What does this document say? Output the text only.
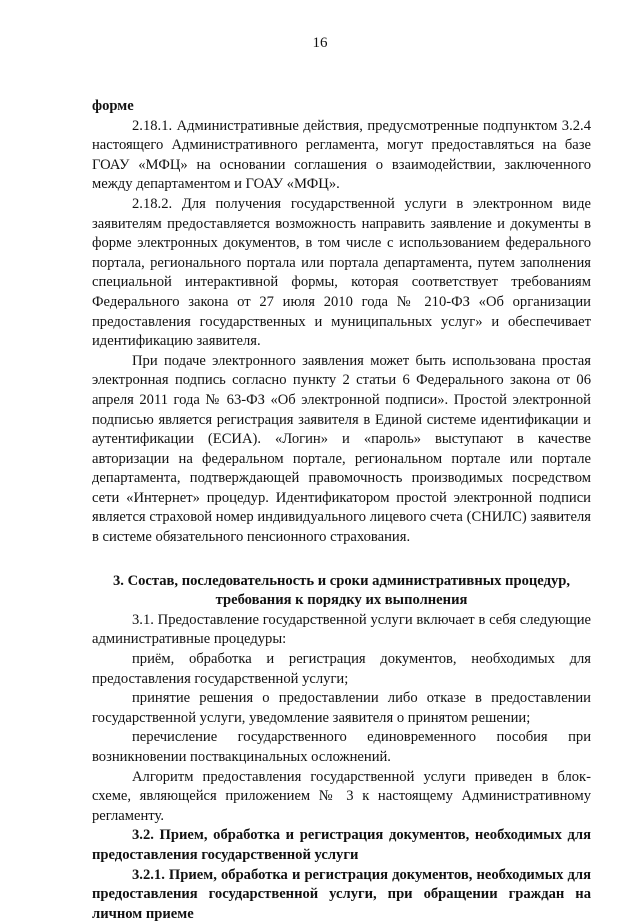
16

форме

2.18.1. Административные действия, предусмотренные подпунктом 3.2.4 настоящего Административного регламента, могут предоставляться на базе ГОАУ «МФЦ» на основании соглашения о взаимодействии, заключенного между департаментом и ГОАУ «МФЦ».

2.18.2. Для получения государственной услуги в электронном виде заявителям предоставляется возможность направить заявление и документы в форме электронных документов, в том числе с использованием федерального портала, регионального портала или портала департамента, путем заполнения специальной интерактивной формы, которая соответствует требованиям Федерального закона от 27 июля 2010 года № 210-ФЗ «Об организации предоставления государственных и муниципальных услуг» и обеспечивает идентификацию заявителя.

При подаче электронного заявления может быть использована простая электронная подпись согласно пункту 2 статьи 6 Федерального закона от 06 апреля 2011 года № 63-ФЗ «Об электронной подписи». Простой электронной подписью является регистрация заявителя в Единой системе идентификации и аутентификации (ЕСИА). «Логин» и «пароль» выступают в качестве авторизации на федеральном портале, региональном портале или портале департамента, подтверждающей правомочность производимых посредством сети «Интернет» процедур. Идентификатором простой электронной подписи является страховой номер индивидуального лицевого счета (СНИЛС) заявителя в системе обязательного пенсионного страхования.

3. Состав, последовательность и сроки административных процедур, требования к порядку их выполнения

3.1. Предоставление государственной услуги включает в себя следующие административные процедуры:

приём, обработка и регистрация документов, необходимых для предоставления государственной услуги;

принятие решения о предоставлении либо отказе в предоставлении государственной услуги, уведомление заявителя о принятом решении;

перечисление государственного единовременного пособия при возникновении поствакцинальных осложнений.

Алгоритм предоставления государственной услуги приведен в блок-схеме, являющейся приложением № 3 к настоящему Административному регламенту.

3.2. Прием, обработка и регистрация документов, необходимых для предоставления государственной услуги

3.2.1. Прием, обработка и регистрация документов, необходимых для предоставления государственной услуги, при обращении граждан на личном приеме
